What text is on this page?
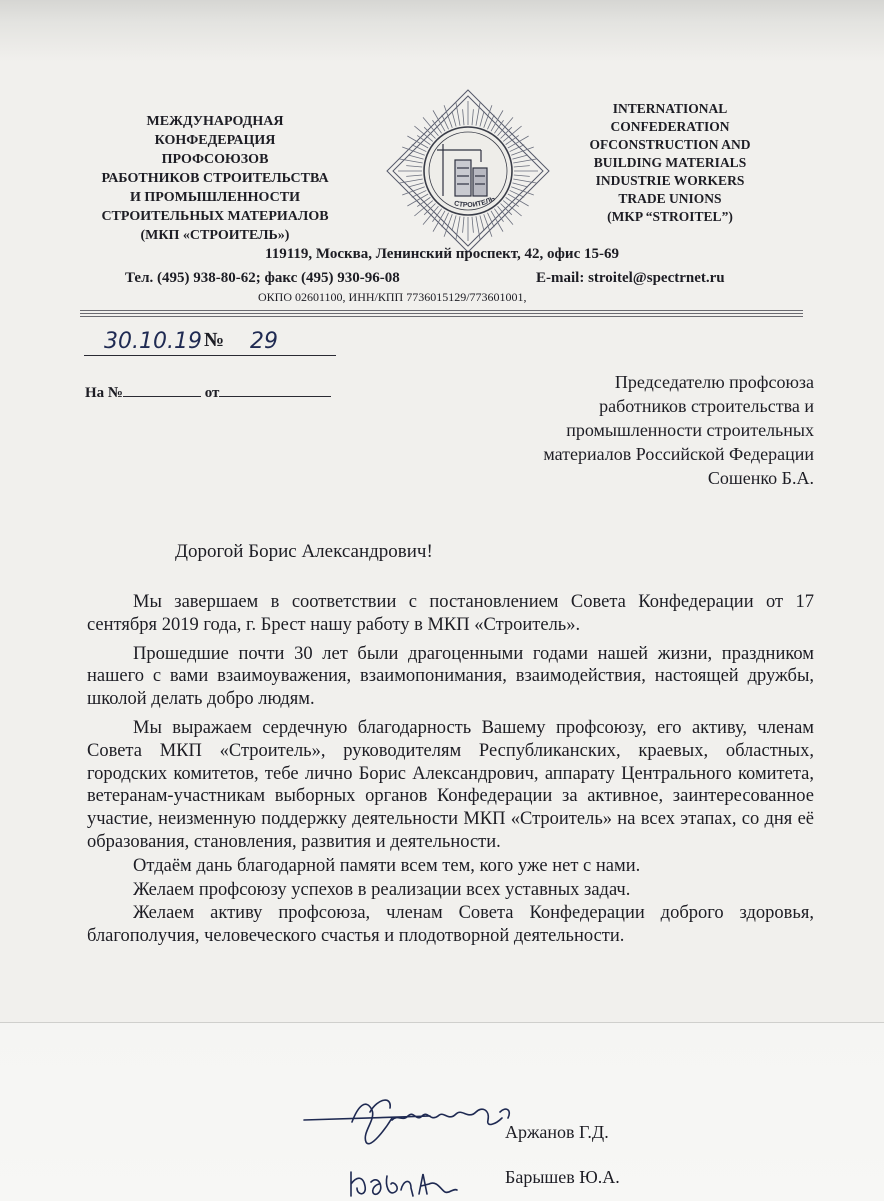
МЕЖДУНАРОДНАЯ
КОНФЕДЕРАЦИЯ
ПРОФСОЮЗОВ
РАБОТНИКОВ СТРОИТЕЛЬСТВА
И ПРОМЫШЛЕННОСТИ
СТРОИТЕЛЬНЫХ МАТЕРИАЛОВ
(МКП «СТРОИТЕЛЬ»)
СТРОИТЕЛЬ
INTERNATIONAL
CONFEDERATION
OFCONSTRUCTION AND
BUILDING MATERIALS
INDUSTRIE WORKERS
TRADE UNIONS
(MKP “STROITEL”)
119119, Москва, Ленинский проспект, 42, офис 15-69
Тел. (495) 938-80-62; факс (495) 930-96-08	E-mail: stroitel@spectrnet.ru
ОКПО 02601100, ИНН/КПП 7736015129/773601001,
30.10.19 № 29
На №	от
Председателю профсоюза
работников строительства и
промышленности строительных
материалов Российской Федерации
Сошенко Б.А.
Дорогой Борис Александрович!

Мы завершаем в соответствии с постановлением Совета Конфедерации от 17 сентября 2019 года, г. Брест нашу работу в МКП «Строитель».

Прошедшие почти 30 лет были драгоценными годами нашей жизни, праздником нашего с вами взаимоуважения, взаимопонимания, взаимодействия, настоящей дружбы, школой делать добро людям.

Мы выражаем сердечную благодарность Вашему профсоюзу, его активу, членам Совета МКП «Строитель», руководителям Республиканских, краевых, областных, городских комитетов, тебе лично Борис Александрович, аппарату Центрального комитета, ветеранам-участникам выборных органов Конфедерации за активное, заинтересованное участие, неизменную поддержку деятельности МКП «Строитель» на всех этапах, со дня её образования, становления, развития и деятельности.

Отдаём дань благодарной памяти всем тем, кого уже нет с нами.

Желаем профсоюзу успехов в реализации всех уставных задач.

Желаем активу профсоюза, членам Совета Конфедерации доброго здоровья, благополучия, человеческого счастья и плодотворной деятельности.

Аржанов Г.Д.
Барышев Ю.А.
